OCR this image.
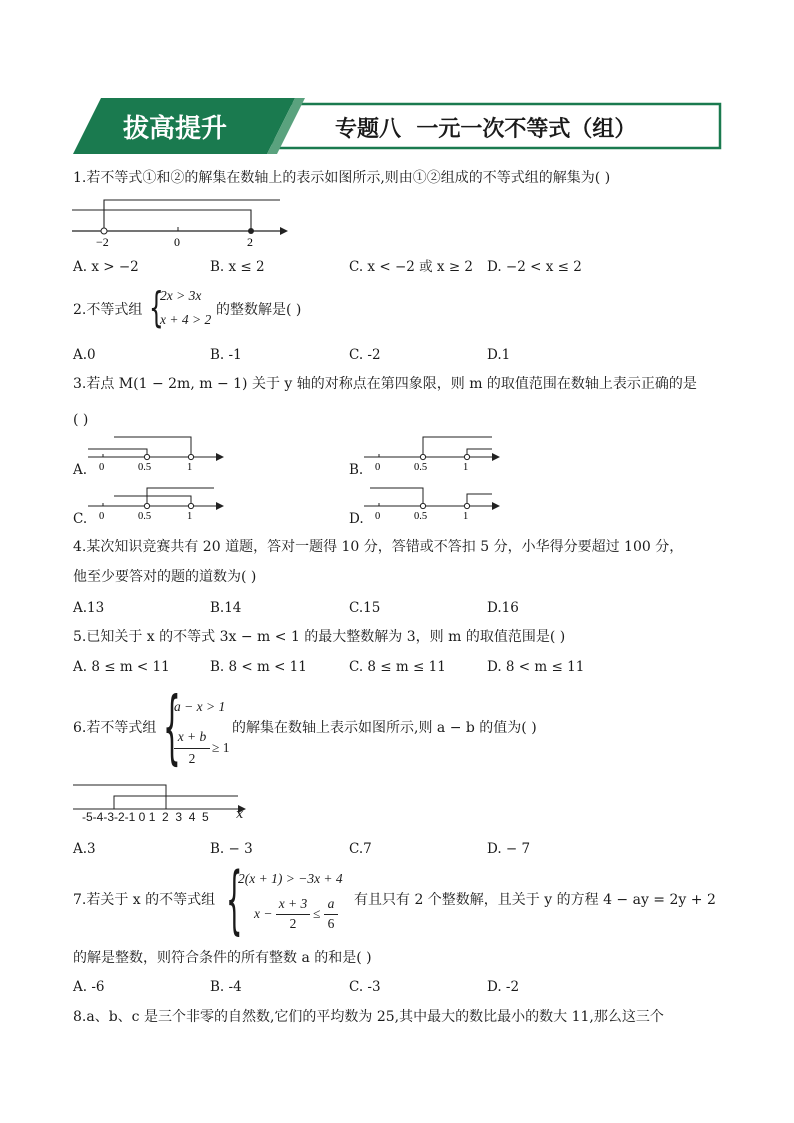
拔高提升	专题八  一元一次不等式（组）
1.若不等式①和②的解集在数轴上的表示如图所示,则由①②组成的不等式组的解集为( )
−2	0	2
A. x > −2	B. x ≤ 2	C. x < −2 或 x ≥ 2 D. −2 < x ≤ 2
2.不等式组 {
2x > 3x
x + 4 > 2
的整数解是( )
A.0	B. -1	C. -2	D.1
3.若点 M(1 − 2m, m − 1) 关于 y 轴的对称点在第四象限，则 m 的取值范围在数轴上表示正确的是
( )
A. 0	0.5	1	B. 0	0.5	1
C. 0	0.5	1	D. 0	0.5	1
4.某次知识竞赛共有 20 道题，答对一题得 10 分，答错或不答扣 5 分，小华得分要超过 100 分，
他至少要答对的题的道数为( )
A.13	B.14	C.15	D.16
5.已知关于 x 的不等式 3x − m < 1 的最大整数解为 3，则 m 的取值范围是( )
A. 8 ≤ m < 11	B. 8 < m < 11	C. 8 ≤ m ≤ 11	D. 8 < m ≤ 11
6.若不等式组 {
a − x > 1
x + b
2
≥ 1
的解集在数轴上表示如图所示,则 a − b 的值为( )
-5-4-3-2-1 0 1  2  3  4  5 x
A.3	B. − 3	C.7	D. − 7
7.若关于 x 的不等式组 {
2(x + 1) > −3x + 4
x −
x + 3
2
≤
a
6
有且只有 2 个整数解，且关于 y 的方程 4 − ay = 2y + 2
的解是整数，则符合条件的所有整数 a 的和是( )
A. -6	B. -4	C. -3	D. -2
8.a、b、c 是三个非零的自然数,它们的平均数为 25,其中最大的数比最小的数大 11,那么这三个
